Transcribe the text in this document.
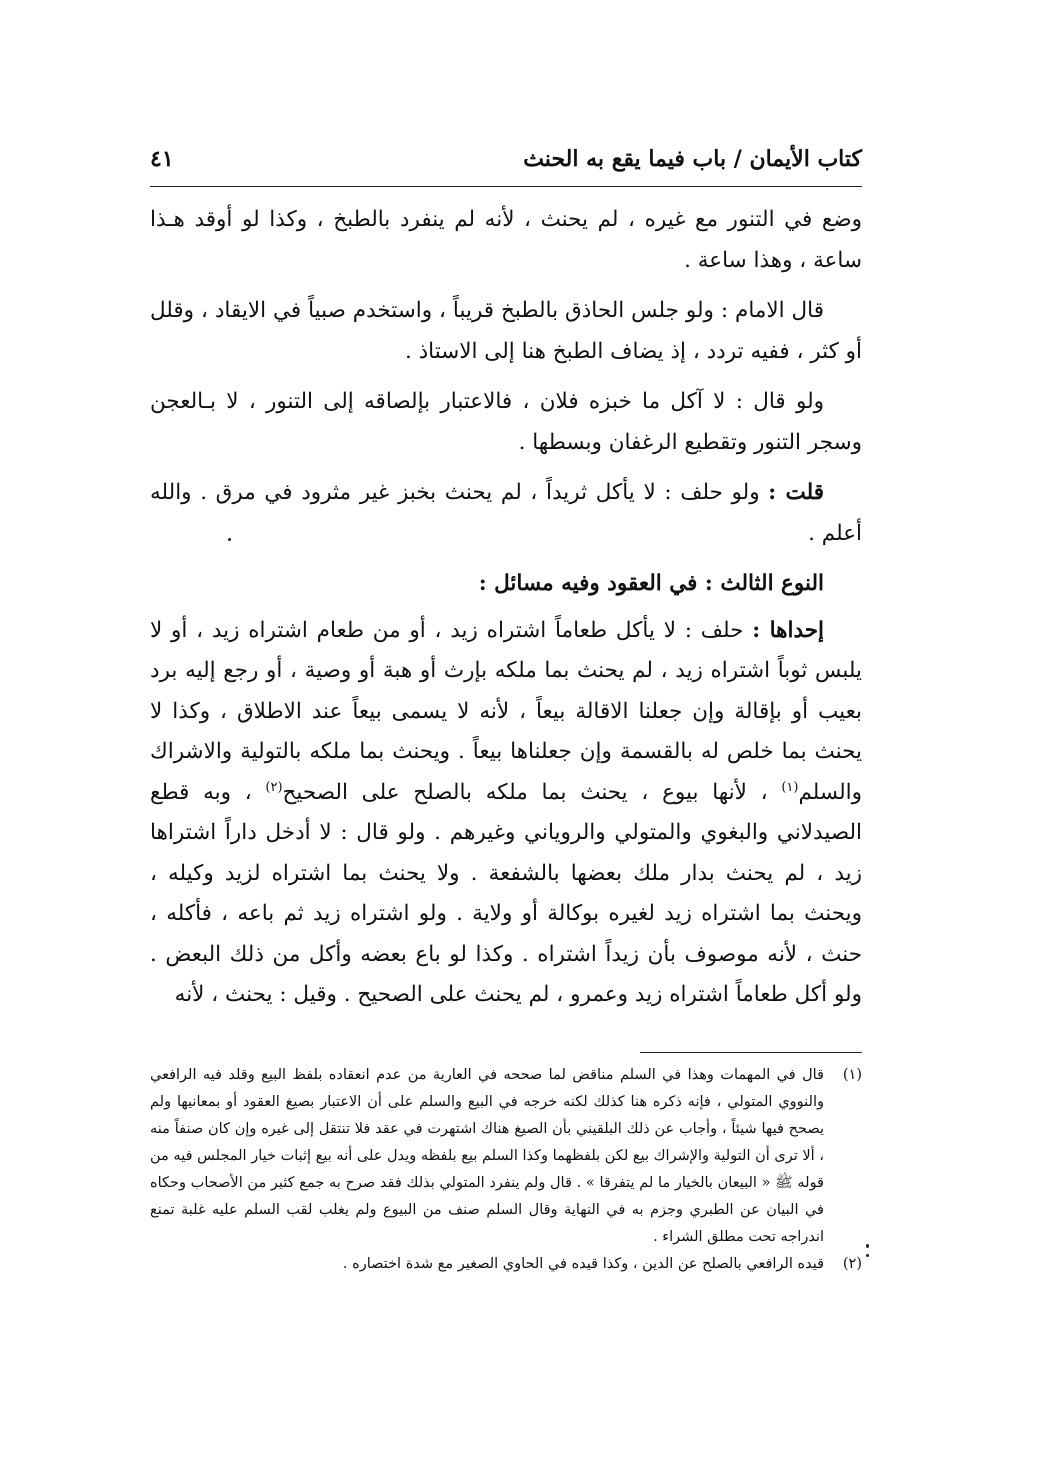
كتاب الأيمان / باب فيما يقع به الحنث
٤١

وضع في التنور مع غيره ، لم يحنث ، لأنه لم ينفرد بالطبخ ، وكذا لو أوقد هـذا ساعة ، وهذا ساعة .

قال الامام : ولو جلس الحاذق بالطبخ قريباً ، واستخدم صبياً في الايقاد ، وقلل أو كثر ، ففيه تردد ، إذ يضاف الطبخ هنا إلى الاستاذ .

ولو قال : لا آكل ما خبزه فلان ، فالاعتبار بإلصاقه إلى التنور ، لا بـالعجن وسجر التنور وتقطيع الرغفان وبسطها .

قلت : ولو حلف : لا يأكل ثريداً ، لم يحنث بخبز غير مثرود في مرق . والله أعلم .

النوع الثالث : في العقود وفيه مسائل :

إحداها : حلف : لا يأكل طعاماً اشتراه زيد ، أو من طعام اشتراه زيد ، أو لا يلبس ثوباً اشتراه زيد ، لم يحنث بما ملكه بإرث أو هبة أو وصية ، أو رجع إليه برد بعيب أو بإقالة وإن جعلنا الاقالة بيعاً ، لأنه لا يسمى بيعاً عند الاطلاق ، وكذا لا يحنث بما خلص له بالقسمة وإن جعلناها بيعاً . ويحنث بما ملكه بالتولية والاشراك والسلم$^{(١)}$ ، لأنها بيوع ، يحنث بما ملكه بالصلح على الصحيح$^{(٢)}$ ، وبه قطع الصيدلاني والبغوي والمتولي والروياني وغيرهم . ولو قال : لا أدخل داراً اشتراها زيد ، لم يحنث بدار ملك بعضها بالشفعة . ولا يحنث بما اشتراه لزيد وكيله ، ويحنث بما اشتراه زيد لغيره بوكالة أو ولاية . ولو اشتراه زيد ثم باعه ، فأكله ، حنث ، لأنه موصوف بأن زيداً اشتراه . وكذا لو باع بعضه وأكل من ذلك البعض . ولو أكل طعاماً اشتراه زيد وعمرو ، لم يحنث على الصحيح . وقيل : يحنث ، لأنه

(١)
قال في المهمات وهذا في السلم مناقض لما صححه في العارية من عدم انعقاده بلفظ البيع وقلد فيه الرافعي والنووي المتولي ، فإنه ذكره هنا كذلك لكنه خرجه في البيع والسلم على أن الاعتبار بصيغ العقود أو بمعانيها ولم يصحح فيها شيئاً ، وأجاب عن ذلك البلقيني بأن الصيغ هناك اشتهرت في عقد فلا تنتقل إلى غيره وإن كان صنفاً منه ، ألا ترى أن التولية والإشراك بيع لكن بلفظهما وكذا السلم بيع بلفظه ويدل على أنه بيع إثبات خيار المجلس فيه من قوله ﷺ « البيعان بالخيار ما لم يتفرقا » . قال ولم ينفرد المتولي بذلك فقد صرح به جمع كثير من الأصحاب وحكاه في البيان عن الطبري وجزم به في النهاية وقال السلم صنف من البيوع ولم يغلب لقب السلم عليه غلبة تمنع اندراجه تحت مطلق الشراء .

(٢)
قيده الرافعي بالصلح عن الدين ، وكذا قيده في الحاوي الصغير مع شدة اختصاره .
